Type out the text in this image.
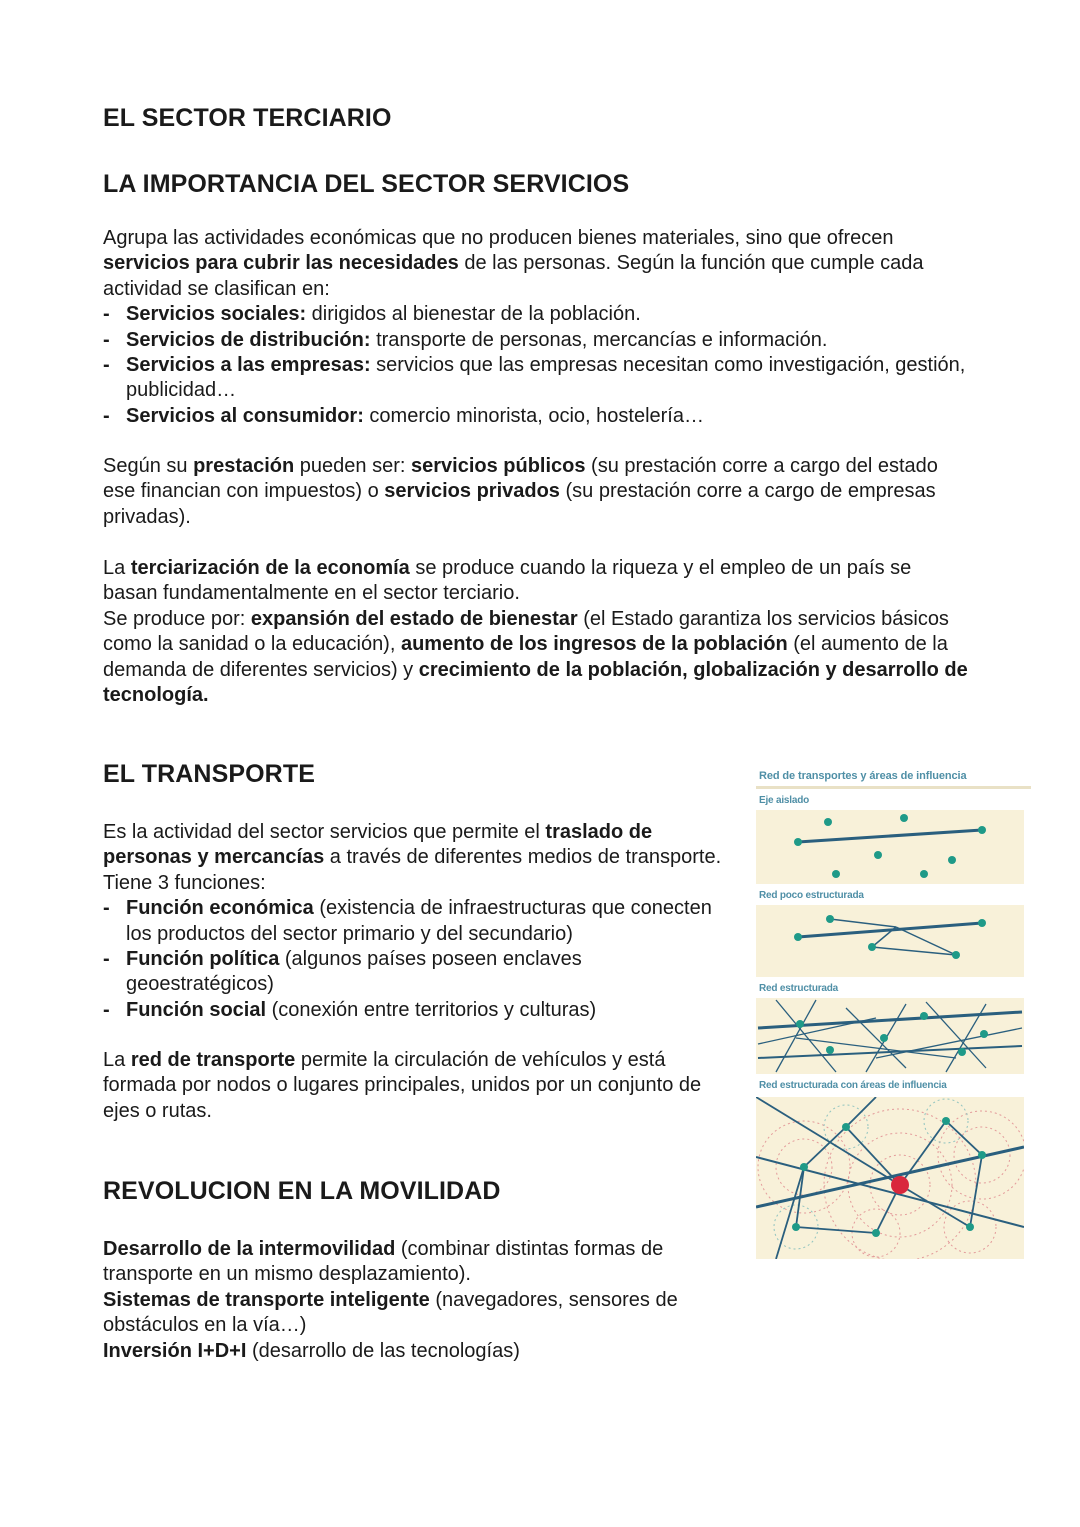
EL SECTOR TERCIARIO
LA IMPORTANCIA DEL SECTOR SERVICIOS

Agrupa las actividades económicas que no producen bienes materiales, sino que ofrecen servicios para cubrir las necesidades de las personas. Según la función que cumple cada actividad se clasifican en:

- Servicios sociales: dirigidos al bienestar de la población.
- Servicios de distribución: transporte de personas, mercancías e información.
- Servicios a las empresas: servicios que las empresas necesitan como investigación, gestión, publicidad…
- Servicios al consumidor: comercio minorista, ocio, hostelería…

Según su prestación pueden ser: servicios públicos (su prestación corre a cargo del estado ese financian con impuestos) o servicios privados (su prestación corre a cargo de empresas privadas).

La terciarización de la economía se produce cuando la riqueza y el empleo de un país se basan fundamentalmente en el sector terciario.

Se produce por: expansión del estado de bienestar (el Estado garantiza los servicios básicos como la sanidad o la educación), aumento de los ingresos de la población (el aumento de la demanda de diferentes servicios) y crecimiento de la población, globalización y desarrollo de tecnología.

EL TRANSPORTE

Es la actividad del sector servicios que permite el traslado de personas y mercancías a través de diferentes medios de transporte. Tiene 3 funciones:

- Función económica (existencia de infraestructuras que conecten los productos del sector primario y del secundario)
- Función política (algunos países poseen enclaves geoestratégicos)
- Función social (conexión entre territorios y culturas)

La red de transporte permite la circulación de vehículos y está formada por nodos o lugares principales, unidos por un conjunto de ejes o rutas.

REVOLUCION EN LA MOVILIDAD

Desarrollo de la intermovilidad (combinar distintas formas de transporte en un mismo desplazamiento).

Sistemas de transporte inteligente (navegadores, sensores de obstáculos en la vía…)

Inversión I+D+I (desarrollo de las tecnologías)

Red de transportes y áreas de influencia
Eje aislado
Red poco estructurada
Red estructurada
Red estructurada con áreas de influencia
